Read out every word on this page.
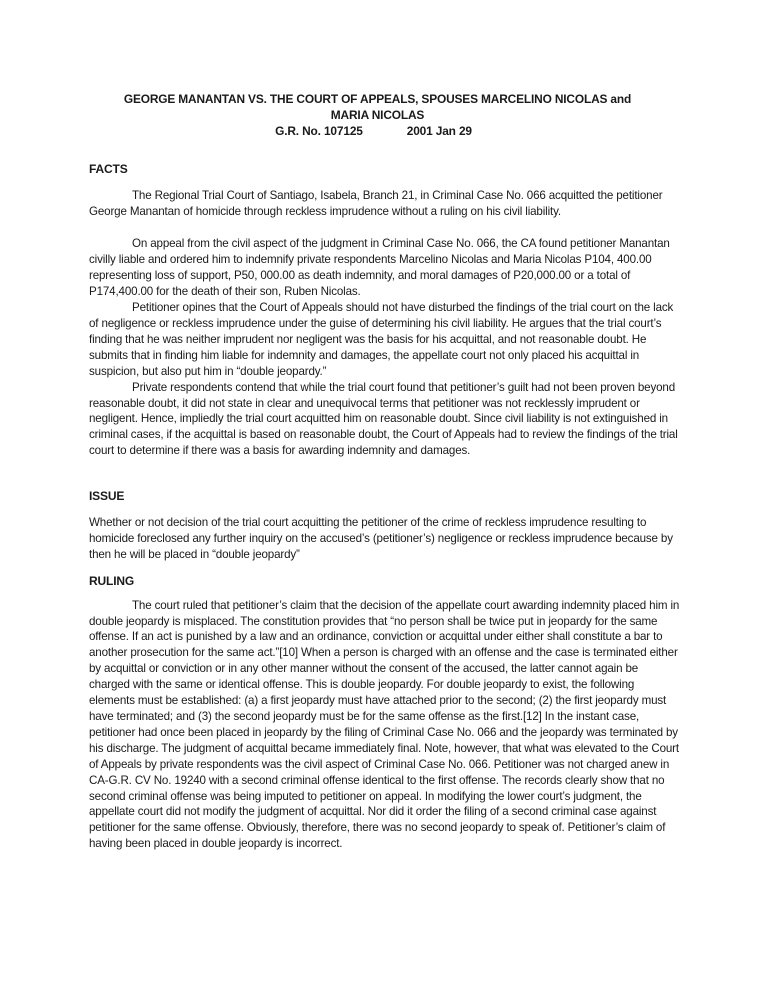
GEORGE MANANTAN VS. THE COURT OF APPEALS, SPOUSES MARCELINO NICOLAS and
MARIA NICOLAS
G.R. No. 107125	2001 Jan 29
FACTS

The Regional Trial Court of Santiago, Isabela, Branch 21, in Criminal Case No. 066 acquitted the petitioner George Manantan of homicide through reckless imprudence without a ruling on his civil liability.

On appeal from the civil aspect of the judgment in Criminal Case No. 066, the CA found petitioner Manantan civilly liable and ordered him to indemnify private respondents Marcelino Nicolas and Maria Nicolas P104, 400.00 representing loss of support, P50, 000.00 as death indemnity, and moral damages of P20,000.00 or a total of P174,400.00 for the death of their son, Ruben Nicolas.

Petitioner opines that the Court of Appeals should not have disturbed the findings of the trial court on the lack of negligence or reckless imprudence under the guise of determining his civil liability. He argues that the trial court’s finding that he was neither imprudent nor negligent was the basis for his acquittal, and not reasonable doubt. He submits that in finding him liable for indemnity and damages, the appellate court not only placed his acquittal in suspicion, but also put him in “double jeopardy.”

Private respondents contend that while the trial court found that petitioner’s guilt had not been proven beyond reasonable doubt, it did not state in clear and unequivocal terms that petitioner was not recklessly imprudent or negligent. Hence, impliedly the trial court acquitted him on reasonable doubt. Since civil liability is not extinguished in criminal cases, if the acquittal is based on reasonable doubt, the Court of Appeals had to review the findings of the trial court to determine if there was a basis for awarding indemnity and damages.

ISSUE

Whether or not decision of the trial court acquitting the petitioner of the crime of reckless imprudence resulting to homicide foreclosed any further inquiry on the accused’s (petitioner’s) negligence or reckless imprudence because by then he will be placed in “double jeopardy”

RULING

The court ruled that petitioner’s claim that the decision of the appellate court awarding indemnity placed him in double jeopardy is misplaced. The constitution provides that “no person shall be twice put in jeopardy for the same offense. If an act is punished by a law and an ordinance, conviction or acquittal under either shall constitute a bar to another prosecution for the same act.”[10] When a person is charged with an offense and the case is terminated either by acquittal or conviction or in any other manner without the consent of the accused, the latter cannot again be charged with the same or identical offense. This is double jeopardy. For double jeopardy to exist, the following elements must be established: (a) a first jeopardy must have attached prior to the second; (2) the first jeopardy must have terminated; and (3) the second jeopardy must be for the same offense as the first.[12] In the instant case, petitioner had once been placed in jeopardy by the filing of Criminal Case No. 066 and the jeopardy was terminated by his discharge. The judgment of acquittal became immediately final. Note, however, that what was elevated to the Court of Appeals by private respondents was the civil aspect of Criminal Case No. 066. Petitioner was not charged anew in CA-G.R. CV No. 19240 with a second criminal offense identical to the first offense. The records clearly show that no second criminal offense was being imputed to petitioner on appeal. In modifying the lower court’s judgment, the appellate court did not modify the judgment of acquittal. Nor did it order the filing of a second criminal case against petitioner for the same offense. Obviously, therefore, there was no second jeopardy to speak of. Petitioner’s claim of having been placed in double jeopardy is incorrect.
